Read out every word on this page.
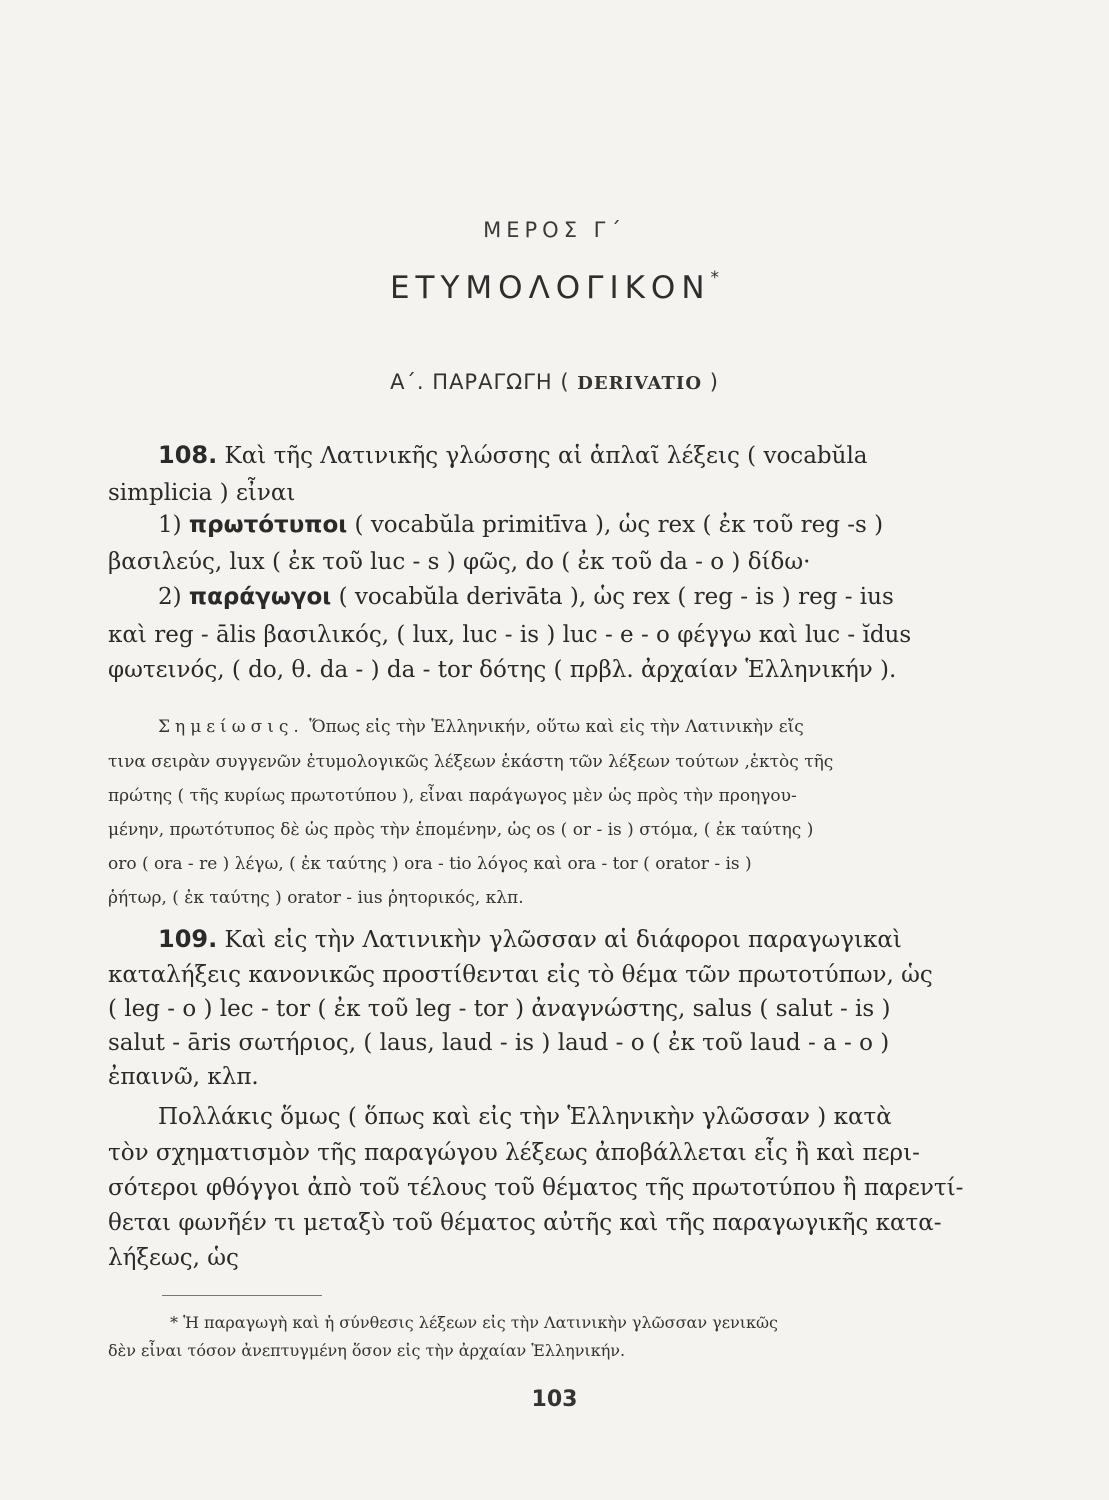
ΜΕΡΟΣ Γ΄
ΕΤΥΜΟΛΟΓΙΚΟΝ*
Α΄. ΠΑΡΑΓΩΓΗ ( DERIVATIO )
108. Καὶ τῆς Λατινικῆς γλώσσης αἱ ἁπλαῖ λέξεις ( vocabŭla
simplicia ) εἶναι
1) πρωτότυποι ( vocabŭla primitīva ), ὡς rex ( ἐκ τοῦ reg -s )
βασιλεύς, lux ( ἐκ τοῦ luc - s ) φῶς, do ( ἐκ τοῦ da - o ) δίδω·
2) παράγωγοι ( vocabŭla derivāta ), ὡς rex ( reg - is ) reg - ius
καὶ reg - ālis βασιλικός, ( lux, luc - is ) luc - e - o φέγγω καὶ luc - ĭdus
φωτεινός, ( do, θ. da - ) da - tor δότης ( πρβλ. ἀρχαίαν Ἑλληνικήν ).
Σημείωσις. Ὅπως εἰς τὴν Ἑλληνικήν, οὕτω καὶ εἰς τὴν Λατινικὴν εἴς
τινα σειρὰν συγγενῶν ἐτυμολογικῶς λέξεων ἑκάστη τῶν λέξεων τούτων ,ἐκτὸς τῆς
πρώτης ( τῆς κυρίως πρωτοτύπου ), εἶναι παράγωγος μὲν ὡς πρὸς τὴν προηγου-
μένην, πρωτότυπος δὲ ὡς πρὸς τὴν ἑπομένην, ὡς os ( or - is ) στόμα, ( ἐκ ταύτης )
oro ( ora - re ) λέγω, ( ἐκ ταύτης ) ora - tio λόγος καὶ ora - tor ( orator - is )
ῥήτωρ, ( ἐκ ταύτης ) orator - ius ῥητορικός, κλπ.
109. Καὶ εἰς τὴν Λατινικὴν γλῶσσαν αἱ διάφοροι παραγωγικαὶ
καταλήξεις κανονικῶς προστίθενται εἰς τὸ θέμα τῶν πρωτοτύπων, ὡς
( leg - o ) lec - tor ( ἐκ τοῦ leg - tor ) ἀναγνώστης, salus ( salut - is )
salut - āris σωτήριος, ( laus, laud - is ) laud - o ( ἐκ τοῦ laud - a - o )
ἐπαινῶ, κλπ.
Πολλάκις ὅμως ( ὅπως καὶ εἰς τὴν Ἑλληνικὴν γλῶσσαν ) κατὰ
τὸν σχηματισμὸν τῆς παραγώγου λέξεως ἀποβάλλεται εἷς ἢ καὶ περι-
σότεροι φθόγγοι ἀπὸ τοῦ τέλους τοῦ θέματος τῆς πρωτοτύπου ἢ παρεντί-
θεται φωνῆέν τι μεταξὺ τοῦ θέματος αὐτῆς καὶ τῆς παραγωγικῆς κατα-
λήξεως, ὡς
* Ἡ παραγωγὴ καὶ ἡ σύνθεσις λέξεων εἰς τὴν Λατινικὴν γλῶσσαν γενικῶς
δὲν εἶναι τόσον ἀνεπτυγμένη ὅσον εἰς τὴν ἀρχαίαν Ἑλληνικήν.
103
